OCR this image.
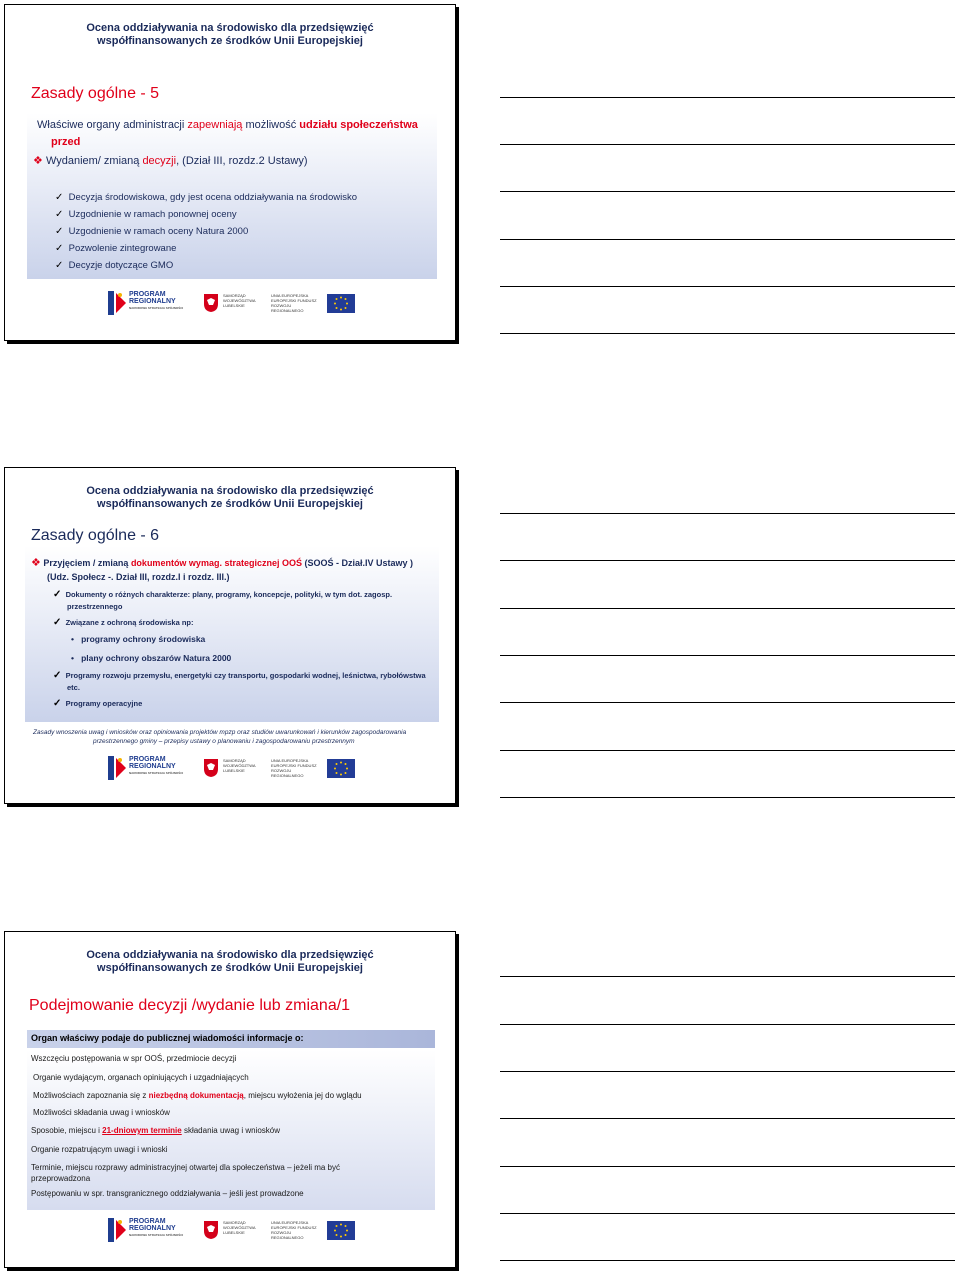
Ocena oddziaływania na środowisko dla przedsięwzięć
współfinansowanych ze środków Unii Europejskiej
Zasady ogólne - 5
Właściwe organy administracji zapewniają możliwość udziału społeczeństwa
przed
❖ Wydaniem/ zmianą decyzji, (Dział III, rozdz.2 Ustawy)
✓ Decyzja środowiskowa, gdy jest ocena oddziaływania na środowisko
✓ Uzgodnienie w ramach ponownej oceny
✓ Uzgodnienie w ramach oceny Natura 2000
✓ Pozwolenie zintegrowane
✓ Decyzje dotyczące GMO
PROGRAM
REGIONALNY
NARODOWA STRATEGIA SPÓJNOŚCI
SAMORZĄD WOJEWÓDZTWA LUBELSKIE
UNIA EUROPEJSKA EUROPEJSKI FUNDUSZ ROZWOJU REGIONALNEGO
Ocena oddziaływania na środowisko dla przedsięwzięć
współfinansowanych ze środków Unii Europejskiej
Zasady ogólne - 6
❖ Przyjęciem / zmianą dokumentów wymag. strategicznej OOŚ (SOOŚ - Dział.IV Ustawy )
(Udz. Społecz -. Dział III, rozdz.I i rozdz. III.)
✓ Dokumenty o różnych charakterze: plany, programy, koncepcje, polityki, w tym dot. zagosp.
przestrzennego
✓ Związane z ochroną środowiska np:
•   programy ochrony środowiska
•   plany ochrony obszarów Natura 2000
✓ Programy rozwoju przemysłu, energetyki czy transportu, gospodarki wodnej, leśnictwa, rybołówstwa
etc.
✓ Programy operacyjne
Zasady wnoszenia uwag i wniosków oraz opiniowania projektów mpzp oraz studiów uwarunkowań i kierunków zagospodarowania
przestrzennego gminy – przepisy ustawy o planowaniu i zagospodarowaniu przestrzennym
PROGRAM
REGIONALNY
NARODOWA STRATEGIA SPÓJNOŚCI
SAMORZĄD WOJEWÓDZTWA LUBELSKIE
UNIA EUROPEJSKA EUROPEJSKI FUNDUSZ ROZWOJU REGIONALNEGO
Ocena oddziaływania na środowisko dla przedsięwzięć
współfinansowanych ze środków Unii Europejskiej
Podejmowanie decyzji /wydanie lub zmiana/1
Organ właściwy podaje do publicznej wiadomości informacje o:
Wszczęciu postępowania w spr OOŚ, przedmiocie decyzji
Organie wydającym, organach opiniujących i uzgadniających
Możliwościach zapoznania się z niezbędną dokumentacją, miejscu wyłożenia jej do wglądu
Możliwości składania uwag i wniosków
Sposobie, miejscu i 21-dniowym terminie składania uwag i wniosków
Organie rozpatrującym uwagi i wnioski
Terminie, miejscu rozprawy administracyjnej otwartej dla społeczeństwa – jeżeli ma być
przeprowadzona
Postępowaniu w spr. transgranicznego oddziaływania – jeśli jest prowadzone
PROGRAM
REGIONALNY
NARODOWA STRATEGIA SPÓJNOŚCI
SAMORZĄD WOJEWÓDZTWA LUBELSKIE
UNIA EUROPEJSKA EUROPEJSKI FUNDUSZ ROZWOJU REGIONALNEGO
